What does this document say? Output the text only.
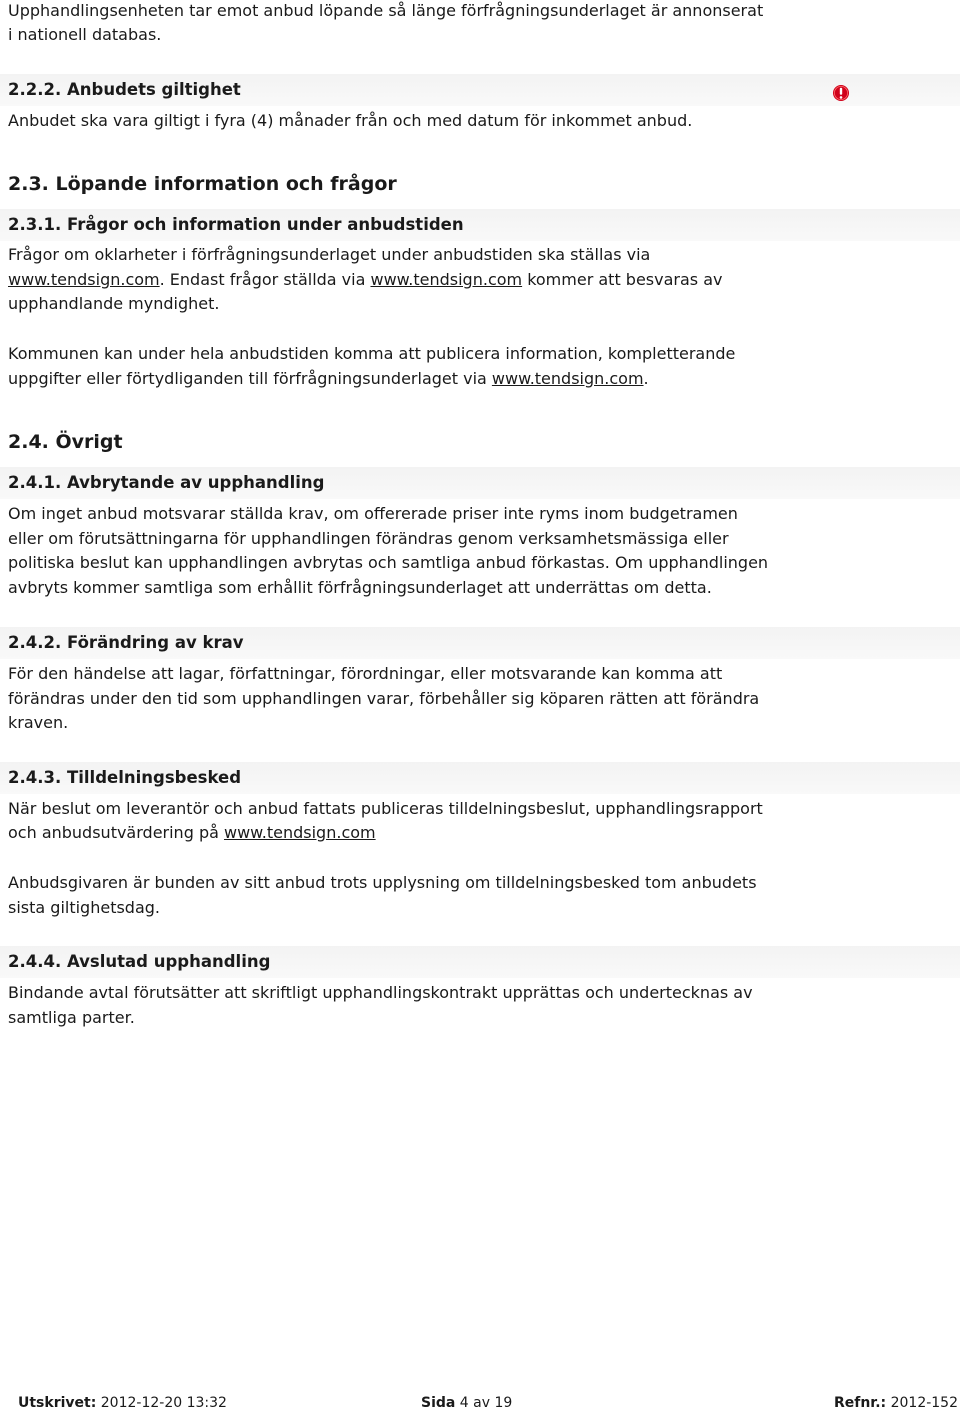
Upphandlingsenheten tar emot anbud löpande så länge förfrågningsunderlaget är annonserat
i nationell databas.
2.2.2. Anbudets giltighet
Anbudet ska vara giltigt i fyra (4) månader från och med datum för inkommet anbud.
2.3. Löpande information och frågor
2.3.1. Frågor och information under anbudstiden
Frågor om oklarheter i förfrågningsunderlaget under anbudstiden ska ställas via
www.tendsign.com. Endast frågor ställda via www.tendsign.com kommer att besvaras av
upphandlande myndighet.
Kommunen kan under hela anbudstiden komma att publicera information, kompletterande
uppgifter eller förtydliganden till förfrågningsunderlaget via www.tendsign.com.
2.4. Övrigt
2.4.1. Avbrytande av upphandling
Om inget anbud motsvarar ställda krav, om offererade priser inte ryms inom budgetramen
eller om förutsättningarna för upphandlingen förändras genom verksamhetsmässiga eller
politiska beslut kan upphandlingen avbrytas och samtliga anbud förkastas. Om upphandlingen
avbryts kommer samtliga som erhållit förfrågningsunderlaget att underrättas om detta.
2.4.2. Förändring av krav
För den händelse att lagar, författningar, förordningar, eller motsvarande kan komma att
förändras under den tid som upphandlingen varar, förbehåller sig köparen rätten att förändra
kraven.
2.4.3. Tilldelningsbesked
När beslut om leverantör och anbud fattats publiceras tilldelningsbeslut, upphandlingsrapport
och anbudsutvärdering på www.tendsign.com
Anbudsgivaren är bunden av sitt anbud trots upplysning om tilldelningsbesked tom anbudets
sista giltighetsdag.
2.4.4. Avslutad upphandling
Bindande avtal förutsätter att skriftligt upphandlingskontrakt upprättas och undertecknas av
samtliga parter.
Utskrivet: 2012-12-20 13:32	Sida 4 av 19	Refnr.: 2012-152
